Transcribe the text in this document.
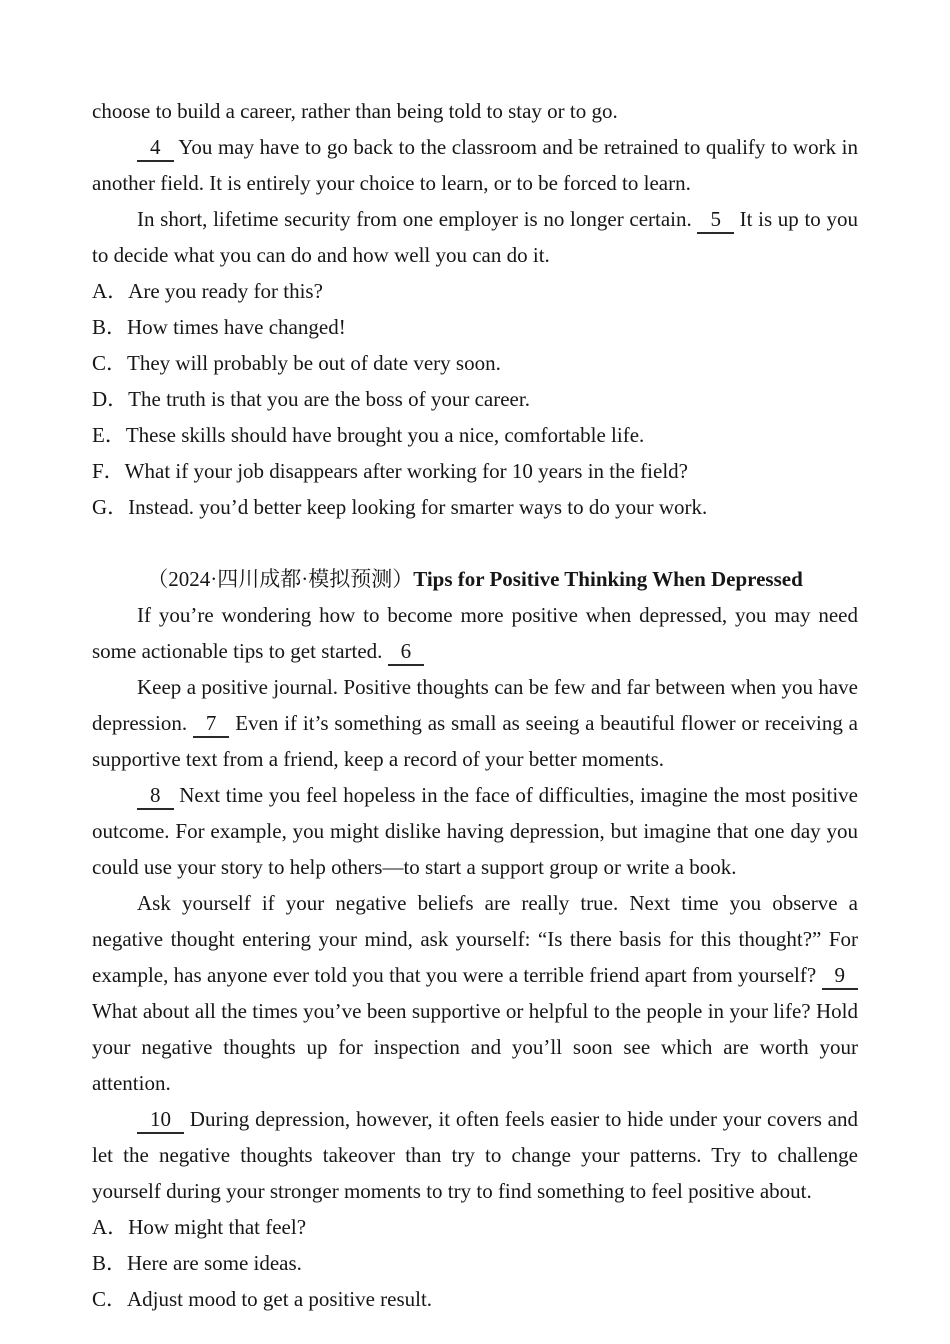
choose to build a career, rather than being told to stay or to go.

4 You may have to go back to the classroom and be retrained to qualify to work in another field. It is entirely your choice to learn, or to be forced to learn.

In short, lifetime security from one employer is no longer certain. 5 It is up to you to decide what you can do and how well you can do it.

A．Are you ready for this?

B．How times have changed!

C．They will probably be out of date very soon.

D．The truth is that you are the boss of your career.

E．These skills should have brought you a nice, comfortable life.

F．What if your job disappears after working for 10 years in the field?

G．Instead. you’d better keep looking for smarter ways to do your work.

（2024·四川成都·模拟预测）Tips for Positive Thinking When Depressed

If you’re wondering how to become more positive when depressed, you may need some actionable tips to get started. 6

Keep a positive journal. Positive thoughts can be few and far between when you have depression. 7 Even if it’s something as small as seeing a beautiful flower or receiving a supportive text from a friend, keep a record of your better moments.

8 Next time you feel hopeless in the face of difficulties, imagine the most positive outcome. For example, you might dislike having depression, but imagine that one day you could use your story to help others—to start a support group or write a book.

Ask yourself if your negative beliefs are really true. Next time you observe a negative thought entering your mind, ask yourself: “Is there basis for this thought?” For example, has anyone ever told you that you were a terrible friend apart from yourself? 9 What about all the times you’ve been supportive or helpful to the people in your life? Hold your negative thoughts up for inspection and you’ll soon see which are worth your attention.

10 During depression, however, it often feels easier to hide under your covers and let the negative thoughts takeover than try to change your patterns. Try to challenge yourself during your stronger moments to try to find something to feel positive about.

A．How might that feel?

B．Here are some ideas.

C．Adjust mood to get a positive result.
